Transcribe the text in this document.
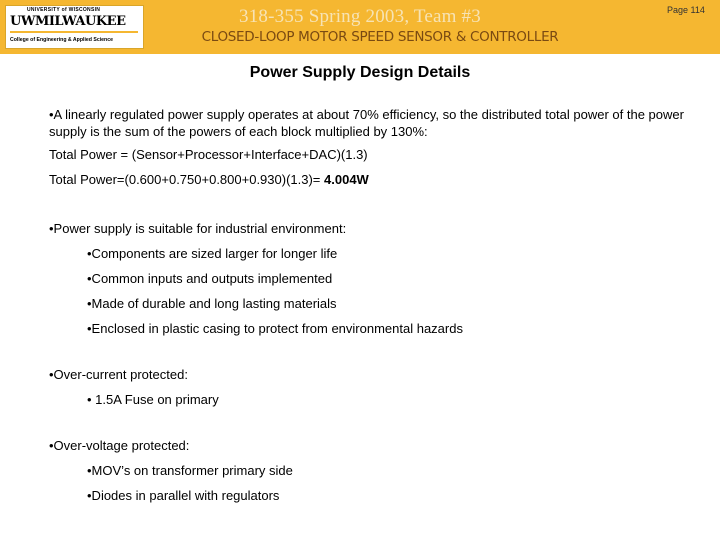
UNIVERSITY of WISCONSIN
UWMILWAUKEE
College of Engineering & Applied Science
318-355 Spring 2003, Team #3
CLOSED-LOOP MOTOR SPEED SENSOR & CONTROLLER
Page 114
Power Supply Design Details

•A linearly regulated power supply operates at about 70% efficiency, so the distributed total power of the power supply is the sum of the powers of each block multiplied by 130%:

Total Power = (Sensor+Processor+Interface+DAC)(1.3)

Total Power=(0.600+0.750+0.800+0.930)(1.3)= 4.004W

•Power supply is suitable for industrial environment:

•Components are sized larger for longer life

•Common inputs and outputs implemented

•Made of durable and long lasting materials

•Enclosed in plastic casing to protect from environmental hazards

•Over-current protected:

• 1.5A Fuse on primary

•Over-voltage protected:

•MOV’s on transformer primary side

•Diodes in parallel with regulators
